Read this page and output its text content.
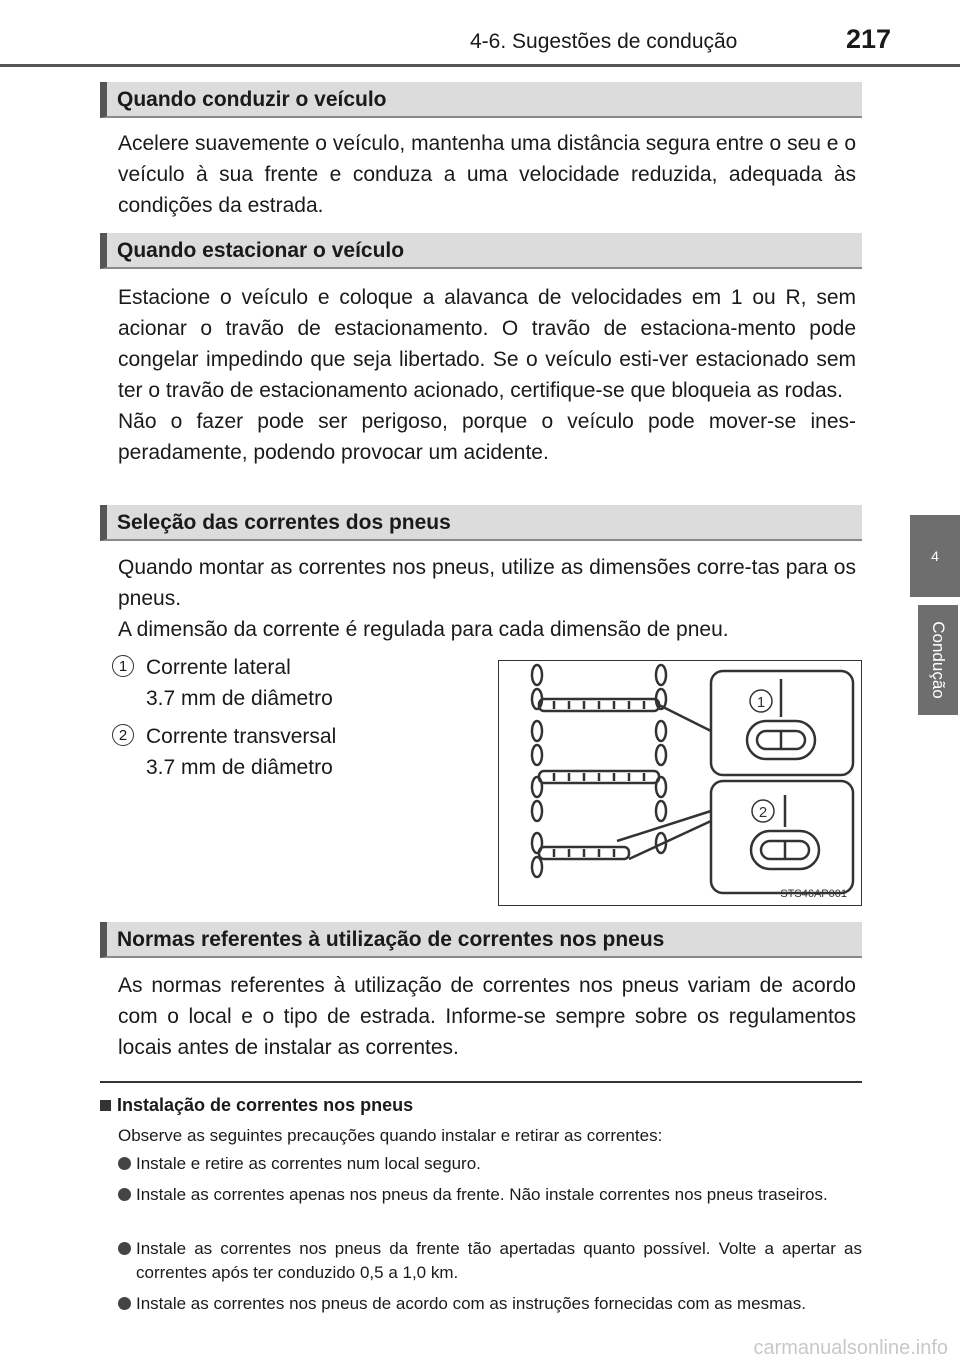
4-6. Sugestões de condução	217
4
Condução
Quando conduzir o veículo

Acelere suavemente o veículo, mantenha uma distância segura entre o seu e o veículo à sua frente e conduza a uma velocidade reduzida, adequada às condições da estrada.

Quando estacionar o veículo

Estacione o veículo e coloque a alavanca de velocidades em 1 ou R, sem acionar o travão de estacionamento. O travão de estaciona-mento pode congelar impedindo que seja libertado. Se o veículo esti-ver estacionado sem ter o travão de estacionamento acionado, certifique-se que bloqueia as rodas.

Não o fazer pode ser perigoso, porque o veículo pode mover-se ines-peradamente, podendo provocar um acidente.

Seleção das correntes dos pneus

Quando montar as correntes nos pneus, utilize as dimensões corre-tas para os pneus.

A dimensão da corrente é regulada para cada dimensão de pneu.

1 Corrente lateral
3.7 mm de diâmetro
2 Corrente transversal
3.7 mm de diâmetro
1
2
STS46AP001
Normas referentes à utilização de correntes nos pneus

As normas referentes à utilização de correntes nos pneus variam de acordo com o local e o tipo de estrada. Informe-se sempre sobre os regulamentos locais antes de instalar as correntes.

Instalação de correntes nos pneus
Observe as seguintes precauções quando instalar e retirar as correntes:
Instale e retire as correntes num local seguro.
Instale as correntes apenas nos pneus da frente. Não instale correntes nos pneus traseiros.
Instale as correntes nos pneus da frente tão apertadas quanto possível. Volte a apertar as correntes após ter conduzido 0,5 a 1,0 km.
Instale as correntes nos pneus de acordo com as instruções fornecidas com as mesmas.
carmanualsonline.info
